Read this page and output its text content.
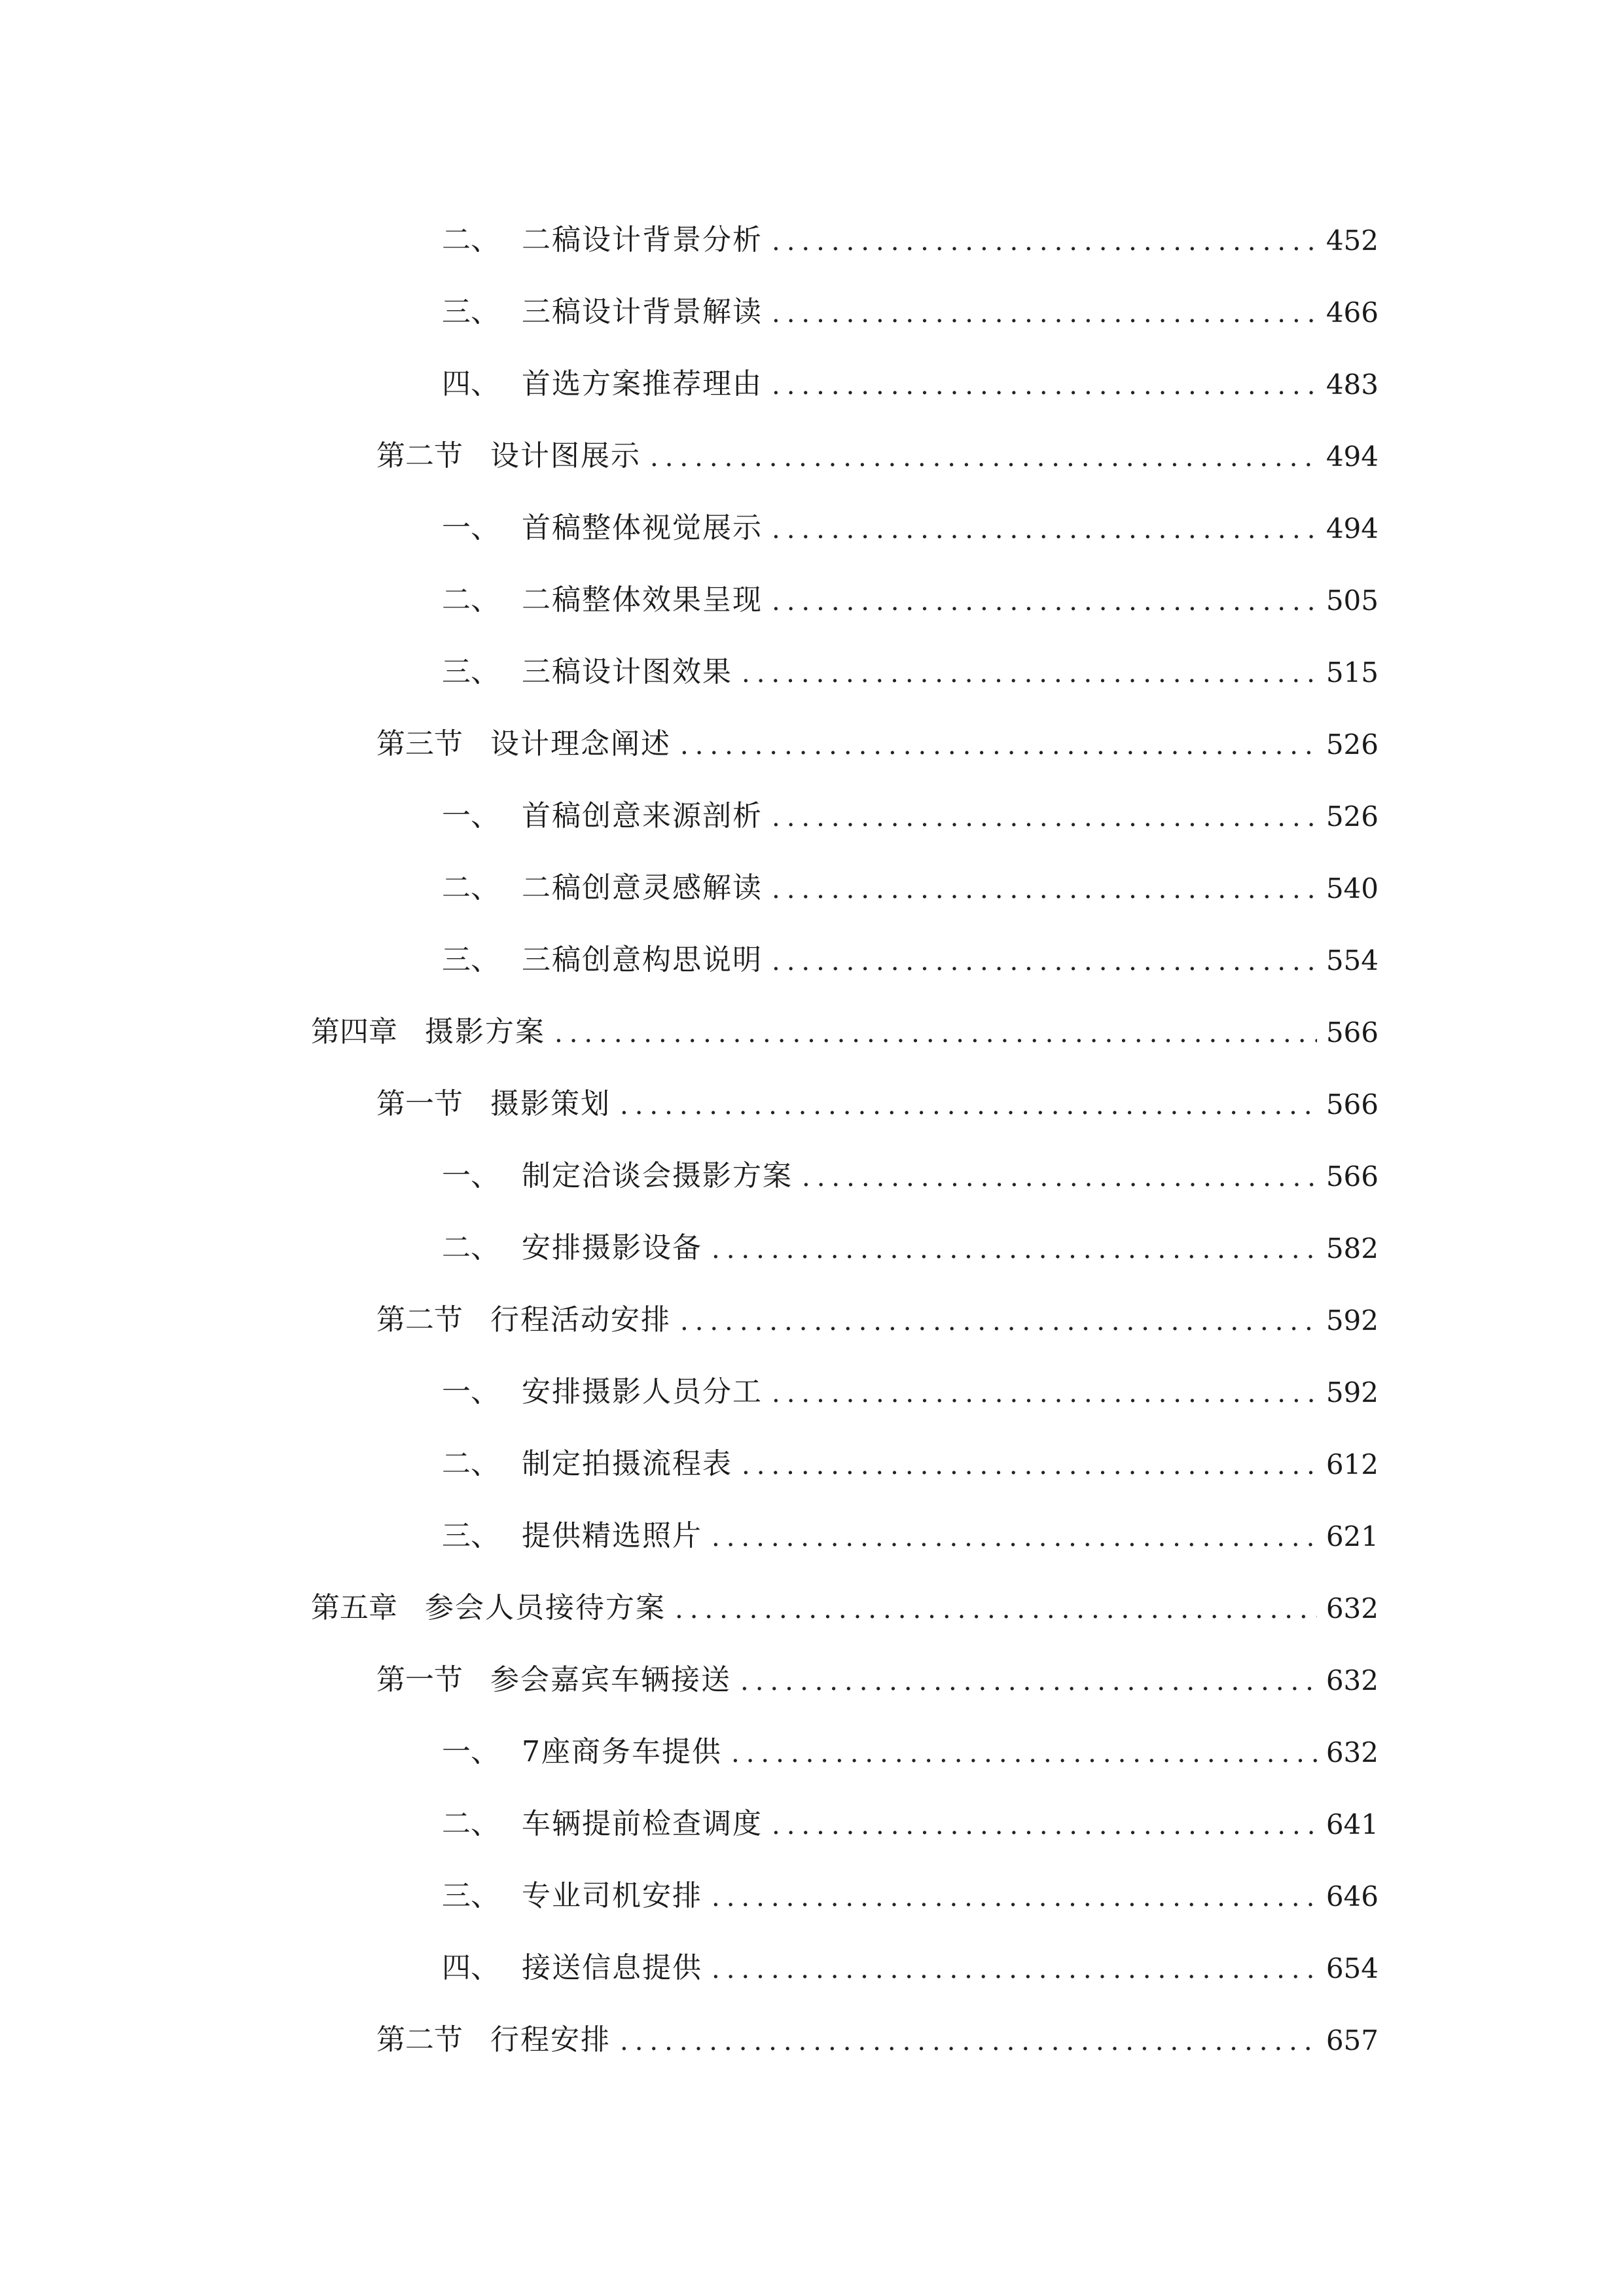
二、 二稿设计背景分析 .....	452
三、 三稿设计背景解读 .....	466
四、 首选方案推荐理由 .....	483
第二节 设计图展示 .....	494
一、 首稿整体视觉展示 .....	494
二、 二稿整体效果呈现 .....	505
三、 三稿设计图效果 .....	515
第三节 设计理念阐述 .....	526
一、 首稿创意来源剖析 .....	526
二、 二稿创意灵感解读 .....	540
三、 三稿创意构思说明 .....	554
第四章 摄影方案 .....	566
第一节 摄影策划 .....	566
一、 制定洽谈会摄影方案 .....	566
二、 安排摄影设备 .....	582
第二节 行程活动安排 .....	592
一、 安排摄影人员分工 .....	592
二、 制定拍摄流程表 .....	612
三、 提供精选照片 .....	621
第五章 参会人员接待方案 .....	632
第一节 参会嘉宾车辆接送 .....	632
一、 7座商务车提供 .....	632
二、 车辆提前检查调度 .....	641
三、 专业司机安排 .....	646
四、 接送信息提供 .....	654
第二节 行程安排 .....	657
